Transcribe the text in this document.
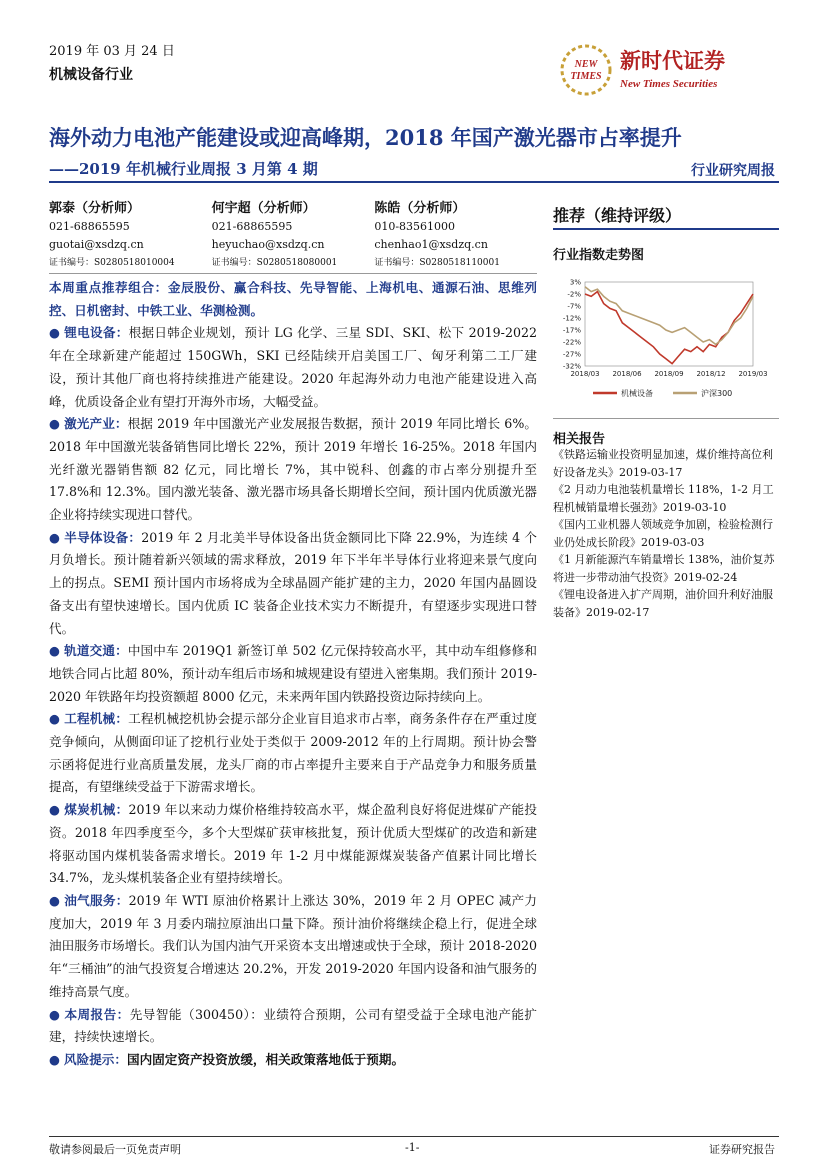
2019 年 03 月 24 日
机械设备行业
NEW
TIMES
新时代证券
New Times Securities
海外动力电池产能建设或迎高峰期，2018 年国产激光器市占率提升
——2019 年机械行业周报 3 月第 4 期	行业研究周报
郭泰（分析师）
021-68865595
guotai@xsdzq.cn
证书编号：S0280518010004
何宇超（分析师）
021-68865595
heyuchao@xsdzq.cn
证书编号：S0280518080001
陈皓（分析师）
010-83561000
chenhao1@xsdzq.cn
证书编号：S0280518110001

本周重点推荐组合：金辰股份、赢合科技、先导智能、上海机电、通源石油、思维列控、日机密封、中铁工业、华测检测。

● 锂电设备：根据日韩企业规划，预计 LG 化学、三星 SDI、SKI、松下 2019-2022 年在全球新建产能超过 150GWh，SKI 已经陆续开启美国工厂、匈牙利第二工厂建设，预计其他厂商也将持续推进产能建设。2020 年起海外动力电池产能建设进入高峰，优质设备企业有望打开海外市场，大幅受益。

● 激光产业：根据 2019 年中国激光产业发展报告数据，预计 2019 年同比增长 6%。2018 年中国激光装备销售同比增长 22%，预计 2019 年增长 16-25%。2018 年国内光纤激光器销售额 82 亿元，同比增长 7%，其中锐科、创鑫的市占率分别提升至 17.8%和 12.3%。国内激光装备、激光器市场具备长期增长空间，预计国内优质激光器企业将持续实现进口替代。

● 半导体设备：2019 年 2 月北美半导体设备出货金额同比下降 22.9%，为连续 4 个月负增长。预计随着新兴领域的需求释放，2019 年下半年半导体行业将迎来景气度向上的拐点。SEMI 预计国内市场将成为全球晶圆产能扩建的主力，2020 年国内晶圆设备支出有望快速增长。国内优质 IC 装备企业技术实力不断提升，有望逐步实现进口替代。

● 轨道交通：中国中车 2019Q1 新签订单 502 亿元保持较高水平，其中动车组修修和地铁合同占比超 80%，预计动车组后市场和城规建设有望进入密集期。我们预计 2019-2020 年铁路年均投资额超 8000 亿元，未来两年国内铁路投资边际持续向上。

● 工程机械：工程机械挖机协会提示部分企业盲目追求市占率，商务条件存在严重过度竞争倾向，从侧面印证了挖机行业处于类似于 2009-2012 年的上行周期。预计协会警示函将促进行业高质量发展，龙头厂商的市占率提升主要来自于产品竞争力和服务质量提高，有望继续受益于下游需求增长。

● 煤炭机械：2019 年以来动力煤价格维持较高水平，煤企盈利良好将促进煤矿产能投资。2018 年四季度至今，多个大型煤矿获审核批复，预计优质大型煤矿的改造和新建将驱动国内煤机装备需求增长。2019 年 1-2 月中煤能源煤炭装备产值累计同比增长 34.7%，龙头煤机装备企业有望持续增长。

● 油气服务：2019 年 WTI 原油价格累计上涨达 30%，2019 年 2 月 OPEC 减产力度加大，2019 年 3 月委内瑞拉原油出口量下降。预计油价将继续企稳上行，促进全球油田服务市场增长。我们认为国内油气开采资本支出增速或快于全球，预计 2018-2020 年“三桶油”的油气投资复合增速达 20.2%，开发 2019-2020 年国内设备和油气服务的维持高景气度。

● 本周报告：先导智能（300450）：业绩符合预期，公司有望受益于全球电池产能扩建，持续快速增长。

● 风险提示：国内固定资产投资放缓，相关政策落地低于预期。

推荐（维持评级）
行业指数走势图
3%
-2%
-7%
-12%
-17%
-22%
-27%
-32%
2018/03 2018/06 2018/09 2018/12 2019/03
机械设备	沪深300
相关报告
《铁路运输业投资明显加速，煤价维持高位利好设备龙头》2019-03-17
《2 月动力电池装机量增长 118%，1-2 月工程机械销量增长强劲》2019-03-10
《国内工业机器人领域竞争加剧，检验检测行业仍处成长阶段》2019-03-03
《1 月新能源汽车销量增长 138%，油价复苏将进一步带动油气投资》2019-02-24
《锂电设备进入扩产周期，油价回升利好油服装备》2019-02-17
敬请参阅最后一页免责声明	-1-	证券研究报告
